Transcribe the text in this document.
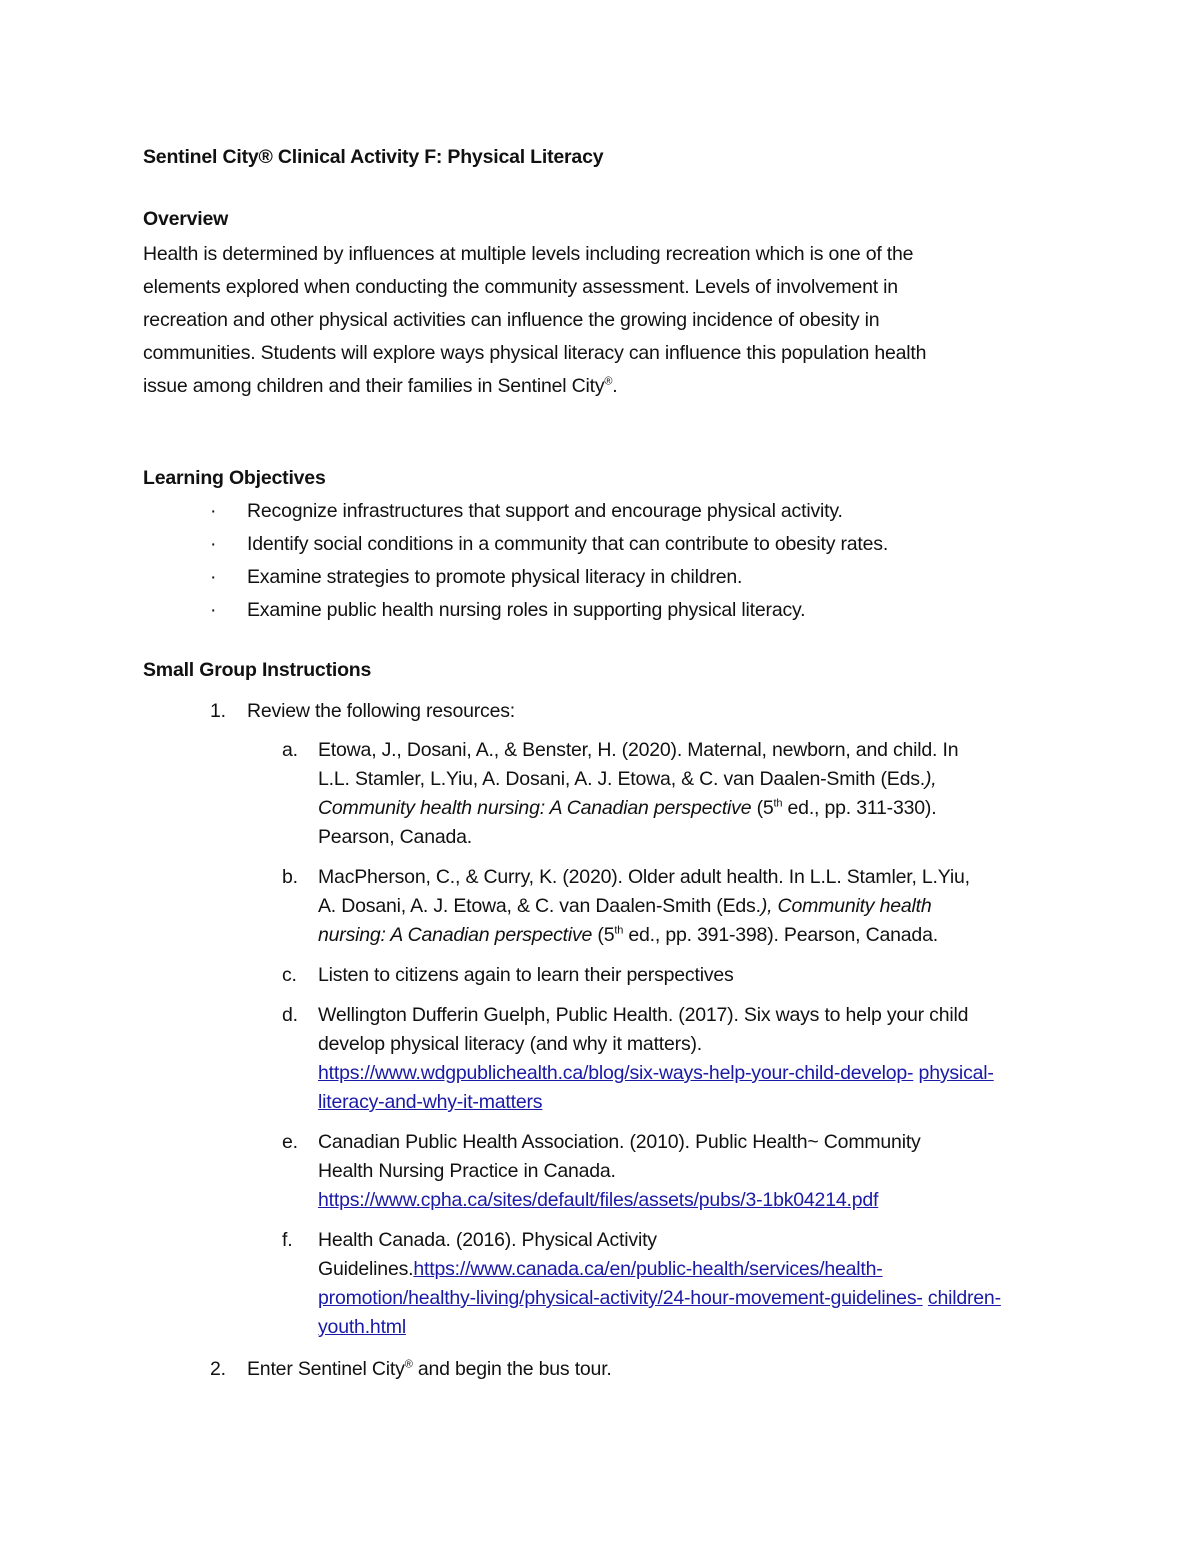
Sentinel City® Clinical Activity F: Physical Literacy
Overview

Health is determined by influences at multiple levels including recreation which is one of the

elements explored when conducting the community assessment. Levels of involvement in

recreation and other physical activities can influence the growing incidence of obesity in

communities. Students will explore ways physical literacy can influence this population health

issue among children and their families in Sentinel City®.

Learning Objectives
· Recognize infrastructures that support and encourage physical activity.
· Identify social conditions in a community that can contribute to obesity rates.
· Examine strategies to promote physical literacy in children.
· Examine public health nursing roles in supporting physical literacy.
Small Group Instructions
1. Review the following resources:
a. Etowa, J., Dosani, A., & Benster, H. (2020). Maternal, newborn, and child. In
L.L. Stamler, L.Yiu, A. Dosani, A. J. Etowa, & C. van Daalen-Smith (Eds.),
Community health nursing: A Canadian perspective (5th ed., pp. 311-330).
Pearson, Canada.
b. MacPherson, C., & Curry, K. (2020). Older adult health. In L.L. Stamler, L.Yiu,
A. Dosani, A. J. Etowa, & C. van Daalen-Smith (Eds.), Community health
nursing: A Canadian perspective (5th ed., pp. 391-398). Pearson, Canada.
c. Listen to citizens again to learn their perspectives
d. Wellington Dufferin Guelph, Public Health. (2017). Six ways to help your child
develop physical literacy (and why it matters).
https://www.wdgpublichealth.ca/blog/six-ways-help-your-child-develop- physical-literacy-and-why-it-matters
e. Canadian Public Health Association. (2010). Public Health~ Community
Health Nursing Practice in Canada.
https://www.cpha.ca/sites/default/files/assets/pubs/3-1bk04214.pdf
f. Health Canada. (2016). Physical Activity
Guidelines.https://www.canada.ca/en/public-health/services/health-
promotion/healthy-living/physical-activity/24-hour-movement-guidelines- children-youth.html
2. Enter Sentinel City® and begin the bus tour.
